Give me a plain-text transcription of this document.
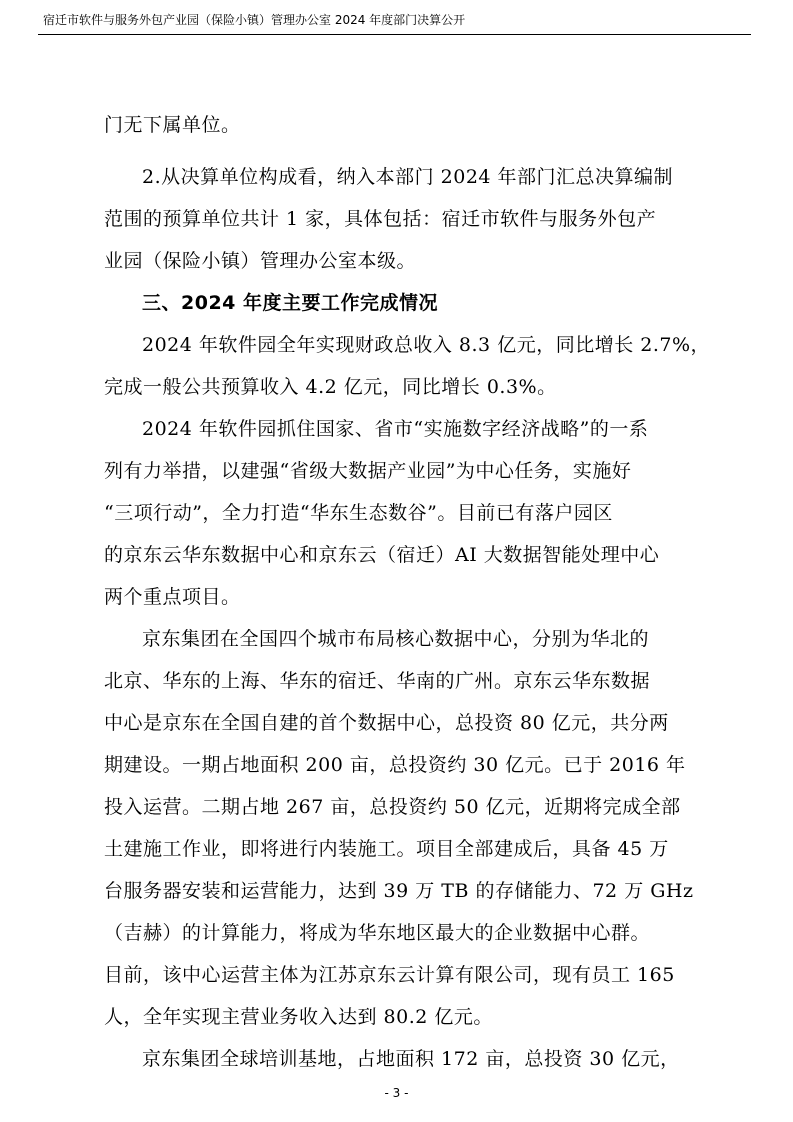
宿迁市软件与服务外包产业园（保险小镇）管理办公室 2024 年度部门决算公开
门无下属单位。
2.从决算单位构成看，纳入本部门 2024 年部门汇总决算编制
范围的预算单位共计 1 家，具体包括：宿迁市软件与服务外包产
业园（保险小镇）管理办公室本级。
三、2024 年度主要工作完成情况
2024 年软件园全年实现财政总收入 8.3 亿元，同比增长 2.7%，
完成一般公共预算收入 4.2 亿元，同比增长 0.3%。
2024 年软件园抓住国家、省市“实施数字经济战略”的一系
列有力举措，以建强“省级大数据产业园”为中心任务，实施好
“三项行动”，全力打造“华东生态数谷”。目前已有落户园区
的京东云华东数据中心和京东云（宿迁）AI 大数据智能处理中心
两个重点项目。
京东集团在全国四个城市布局核心数据中心，分别为华北的
北京、华东的上海、华东的宿迁、华南的广州。京东云华东数据
中心是京东在全国自建的首个数据中心，总投资 80 亿元，共分两
期建设。一期占地面积 200 亩，总投资约 30 亿元。已于 2016 年
投入运营。二期占地 267 亩，总投资约 50 亿元，近期将完成全部
土建施工作业，即将进行内装施工。项目全部建成后，具备 45 万
台服务器安装和运营能力，达到 39 万 TB 的存储能力、72 万 GHz
（吉赫）的计算能力，将成为华东地区最大的企业数据中心群。
目前，该中心运营主体为江苏京东云计算有限公司，现有员工 165
人，全年实现主营业务收入达到 80.2 亿元。
京东集团全球培训基地，占地面积 172 亩，总投资 30 亿元，
- 3 -
